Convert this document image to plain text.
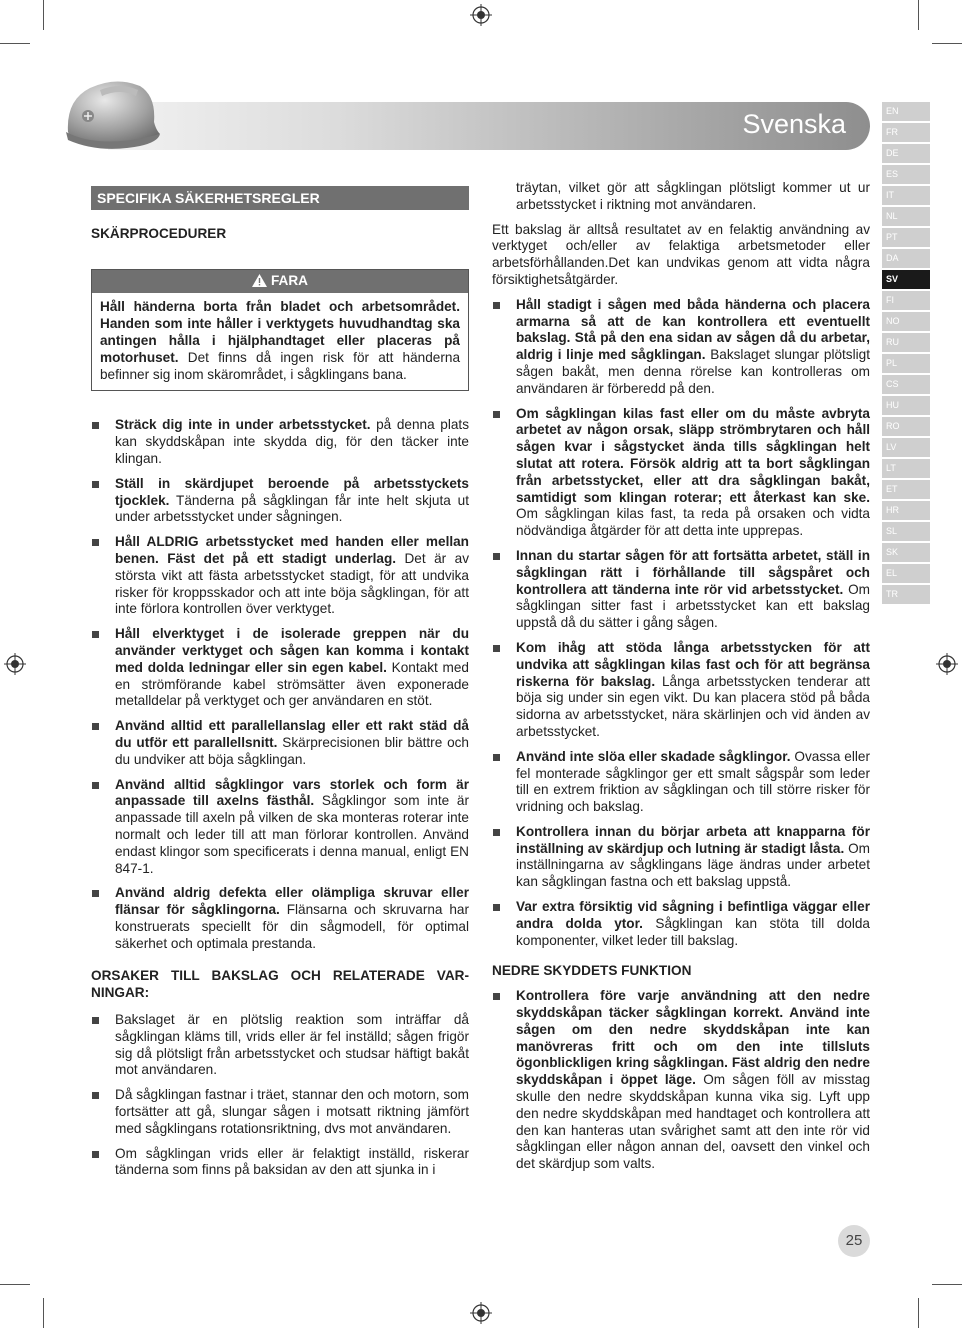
Svenska	EN
FR
DE
ES
IT
NL
PT
DA
SV
FI
NO
RU
PL
CS
HU
RO
LV
LT
ET
HR
SL
SK
EL
TR
SPECIFIKA SÄKERHETSREGLER
SKÄRPROCEDURER
FARA
Håll händerna borta från bladet och arbetsområdet. Handen som inte håller i verktygets huvudhandtag ska antingen hålla i hjälphandtaget eller placeras på motorhuset. Det finns då ingen risk för att händerna befinner sig inom skärområdet, i sågklingans bana.
Sträck dig inte in under arbetsstycket. på denna plats kan skyddskåpan inte skydda dig, för den täcker inte klingan.
Ställ in skärdjupet beroende på arbetsstyckets tjocklek. Tänderna på sågklingan får inte helt skjuta ut under arbetsstycket under sågningen.
Håll ALDRIG arbetsstycket med handen eller mellan benen. Fäst det på ett stadigt underlag. Det är av största vikt att fästa arbetsstycket stadigt, för att undvika risker för kroppsskador och att inte böja sågklingan, för att inte förlora kontrollen över verktyget.
Håll elverktyget i de isolerade greppen när du använder verktyget och sågen kan komma i kontakt med dolda ledningar eller sin egen kabel. Kontakt med en strömförande kabel strömsätter även exponerade metalldelar på verktyget och ger användaren en stöt.
Använd alltid ett parallellanslag eller ett rakt städ då du utför ett parallellsnitt. Skärprecisionen blir bättre och du undviker att böja sågklingan.
Använd alltid sågklingor vars storlek och form är anpassade till axelns fästhål. Sågklingor som inte är anpassade till axeln på vilken de ska monteras roterar inte normalt och leder till att man förlorar kontrollen. Använd endast klingor som specificerats i denna manual, enligt EN 847-1.
Använd aldrig defekta eller olämpliga skruvar eller flänsar för sågklingorna. Flänsarna och skruvarna har konstruerats speciellt för din sågmodell, för optimal säkerhet och optimala prestanda.
ORSAKER TILL BAKSLAG OCH RELATERADE VAR-NINGAR:
Bakslaget är en plötslig reaktion som inträffar då sågklingan kläms till, vrids eller är fel inställd; sågen frigör sig då plötsligt från arbetsstycket och studsar häftigt bakåt mot användaren.
Då sågklingan fastnar i träet, stannar den och motorn, som fortsätter att gå, slungar sågen i motsatt riktning jämfört med sågklingans rotationsriktning, dvs mot användaren.
Om sågklingan vrids eller är felaktigt inställd, riskerar tänderna som finns på baksidan av den att sjunka in i
träytan, vilket gör att sågklingan plötsligt kommer ut ur arbetsstycket i riktning mot användaren.

Ett bakslag är alltså resultatet av en felaktig användning av verktyget och/eller av felaktiga arbetsmetoder eller arbetsförhållanden.Det kan undvikas genom att vidta några försiktighetsåtgärder.

Håll stadigt i sågen med båda händerna och placera armarna så att de kan kontrollera ett eventuellt bakslag. Stå på den ena sidan av sågen då du arbetar, aldrig i linje med sågklingan. Bakslaget slungar plötsligt sågen bakåt, men denna rörelse kan kontrolleras om användaren är förberedd på den.
Om sågklingan kilas fast eller om du måste avbryta arbetet av någon orsak, släpp strömbrytaren och håll sågen kvar i sågstycket ända tills sågklingan helt slutat att rotera. Försök aldrig att ta bort sågklingan från arbetsstycket, eller att dra sågklingan bakåt, samtidigt som klingan roterar; ett återkast kan ske. Om sågklingan kilas fast, ta reda på orsaken och vidta nödvändiga åtgärder för att detta inte upprepas.
Innan du startar sågen för att fortsätta arbetet, ställ in sågklingan rätt i förhållande till sågspåret och kontrollera att tänderna inte rör vid arbetsstycket. Om sågklingan sitter fast i arbetsstycket kan ett bakslag uppstå då du sätter i gång sågen.
Kom ihåg att stöda långa arbetsstycken för att undvika att sågklingan kilas fast och för att begränsa riskerna för bakslag. Långa arbetsstycken tenderar att böja sig under sin egen vikt. Du kan placera stöd på båda sidorna av arbetsstycket, nära skärlinjen och vid änden av arbetsstycket.
Använd inte slöa eller skadade sågklingor. Ovassa eller fel monterade sågklingor ger ett smalt sågspår som leder till en extrem friktion av sågklingan och till större risker för vridning och bakslag.
Kontrollera innan du börjar arbeta att knapparna för inställning av skärdjup och lutning är stadigt låsta. Om inställningarna av sågklingans läge ändras under arbetet kan sågklingan fastna och ett bakslag uppstå.
Var extra försiktig vid sågning i befintliga väggar eller andra dolda ytor. Sågklingan kan stöta till dolda komponenter, vilket leder till bakslag.
NEDRE SKYDDETS FUNKTION
Kontrollera före varje användning att den nedre skyddskåpan täcker sågklingan korrekt. Använd inte sågen om den nedre skyddskåpan inte kan manövreras fritt och om den inte tillsluts ögonblickligen kring sågklingan. Fäst aldrig den nedre skyddskåpan i öppet läge. Om sågen föll av misstag skulle den nedre skyddskåpan kunna vika sig. Lyft upp den nedre skyddskåpan med handtaget och kontrollera att den kan hanteras utan svårighet samt att den inte rör vid sågklingan eller någon annan del, oavsett den vinkel och det skärdjup som valts.
25
